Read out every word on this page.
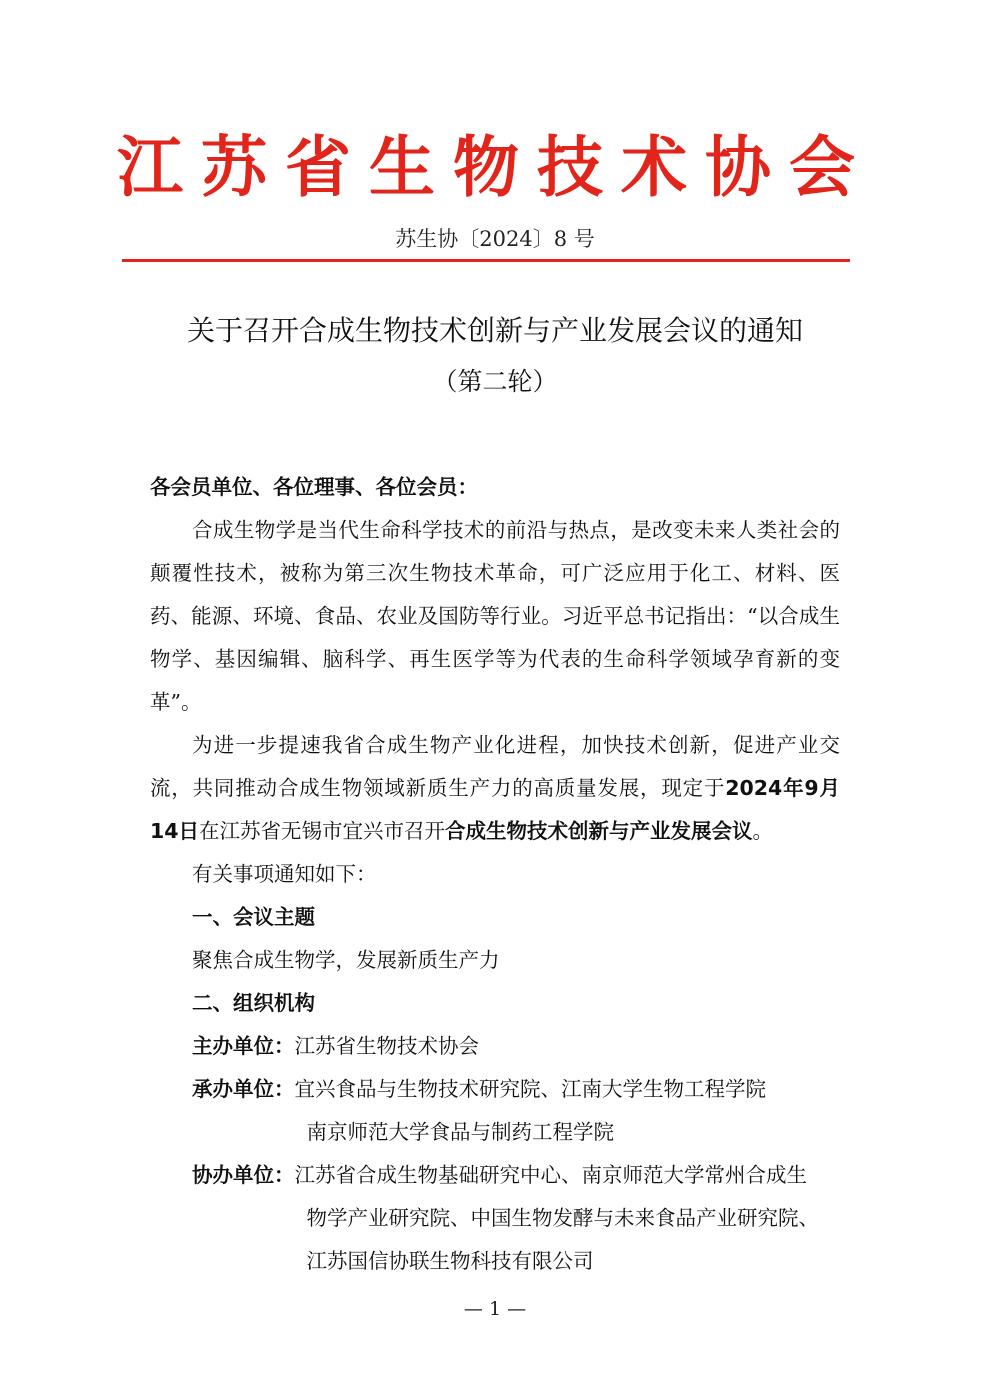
江苏省生物技术协会
苏生协〔2024〕8 号
关于召开合成生物技术创新与产业发展会议的通知
（第二轮）
各会员单位、各位理事、各位会员：

合成生物学是当代生命科学技术的前沿与热点，是改变未来人类社会的颠覆性技术，被称为第三次生物技术革命，可广泛应用于化工、材料、医药、能源、环境、食品、农业及国防等行业。习近平总书记指出：“以合成生物学、基因编辑、脑科学、再生医学等为代表的生命科学领域孕育新的变革”。

为进一步提速我省合成生物产业化进程，加快技术创新，促进产业交流，共同推动合成生物领域新质生产力的高质量发展，现定于2024年9月14日在江苏省无锡市宜兴市召开合成生物技术创新与产业发展会议。

有关事项通知如下：

一、会议主题
聚焦合成生物学，发展新质生产力
二、组织机构
主办单位： 江苏省生物技术协会
承办单位： 宜兴食品与生物技术研究院、江南大学生物工程学院
南京师范大学食品与制药工程学院
协办单位： 江苏省合成生物基础研究中心、南京师范大学常州合成生
物学产业研究院、中国生物发酵与未来食品产业研究院、
江苏国信协联生物科技有限公司
— 1 —
